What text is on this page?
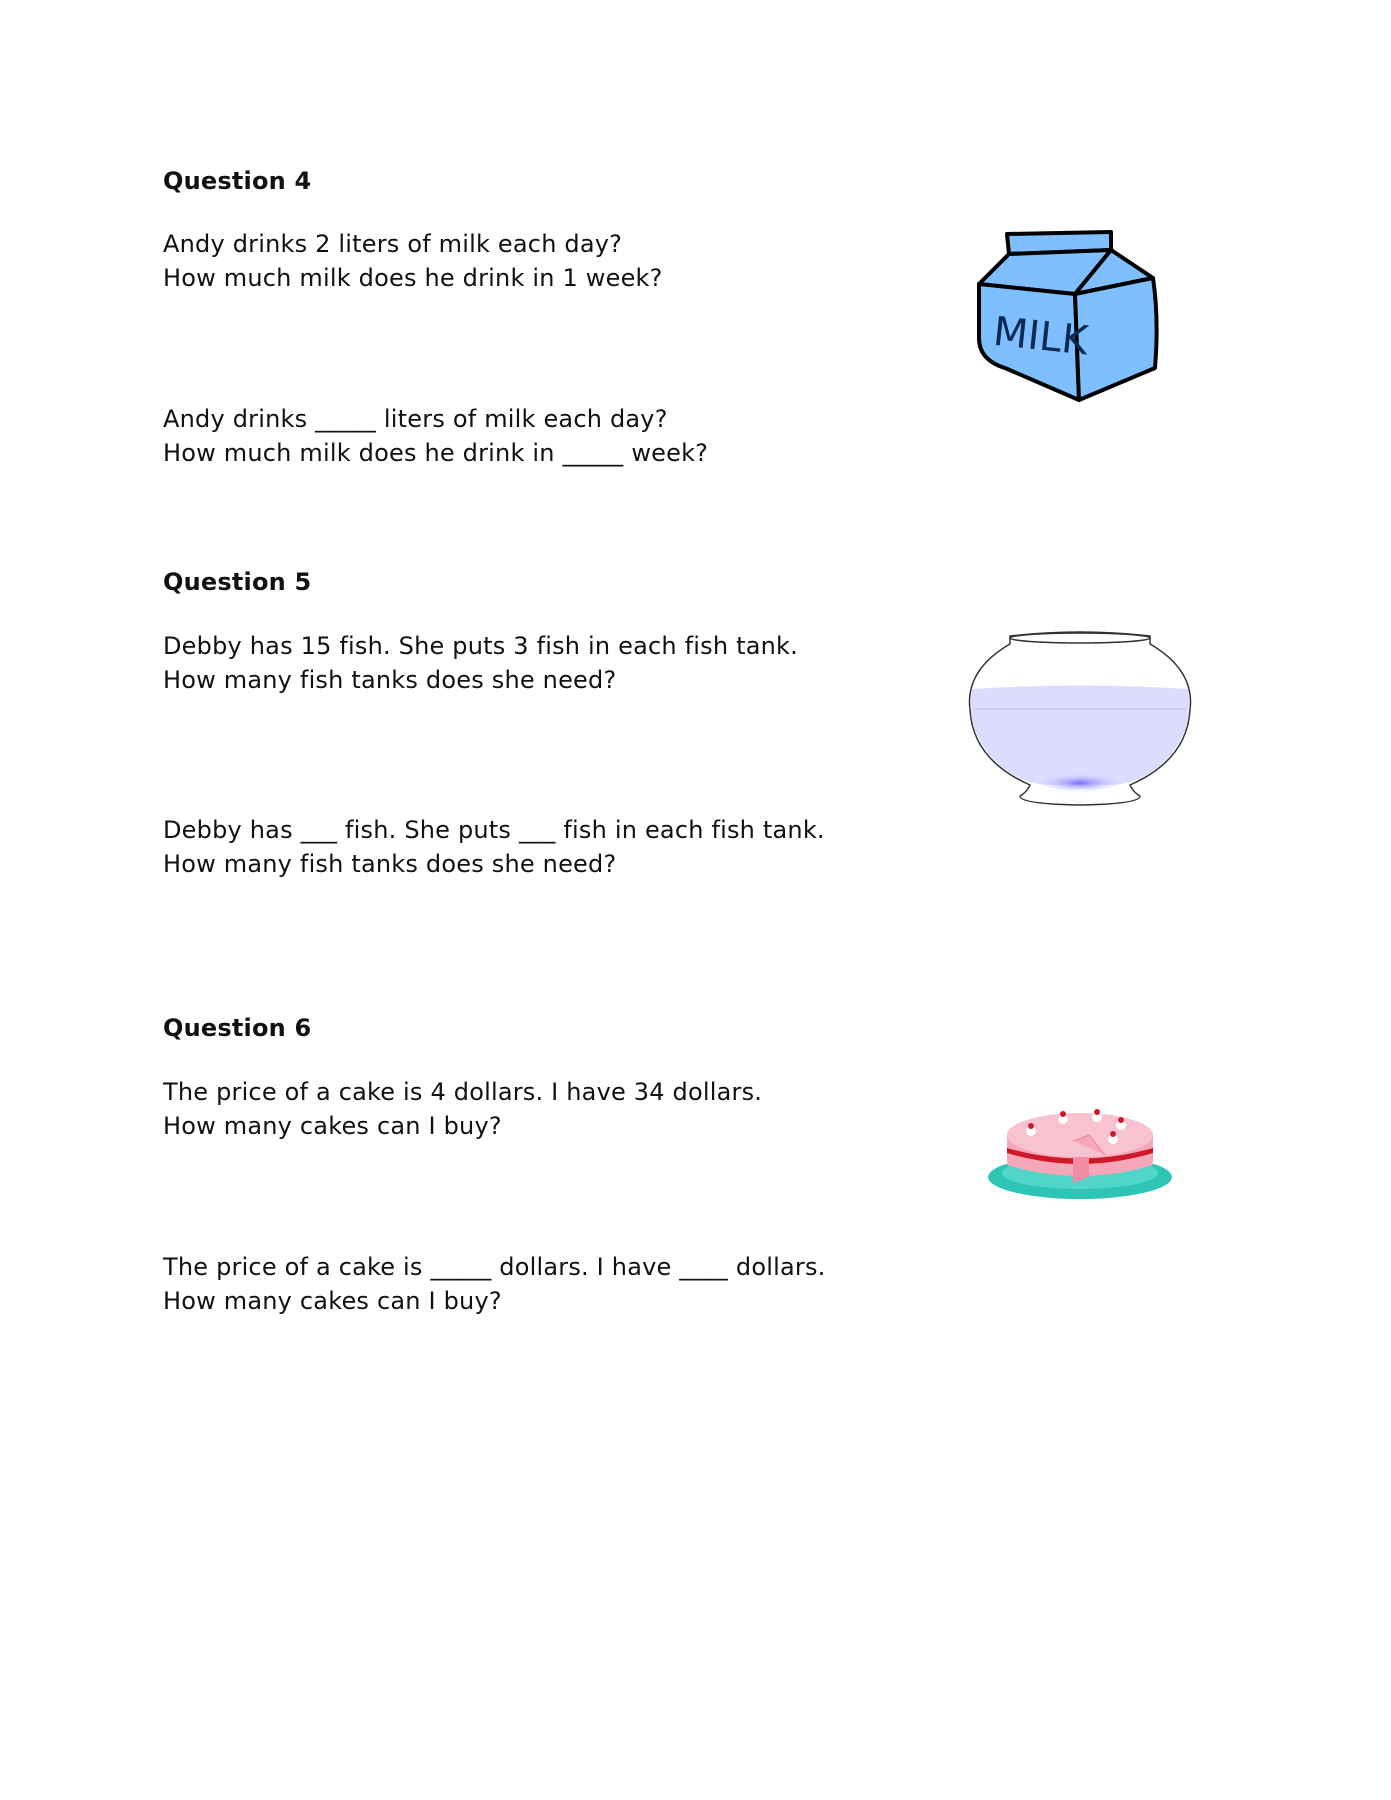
Question 4
Andy drinks 2 liters of milk each day?
How much milk does he drink in 1 week?
Andy drinks _____ liters of milk each day?
How much milk does he drink in _____ week?
MILK
Question 5
Debby has 15 fish. She puts 3 fish in each fish tank.
How many fish tanks does she need?
Debby has ___ fish. She puts ___ fish in each fish tank.
How many fish tanks does she need?
Question 6
The price of a cake is 4 dollars. I have 34 dollars.
How many cakes can I buy?
The price of a cake is _____ dollars. I have ____ dollars.
How many cakes can I buy?
